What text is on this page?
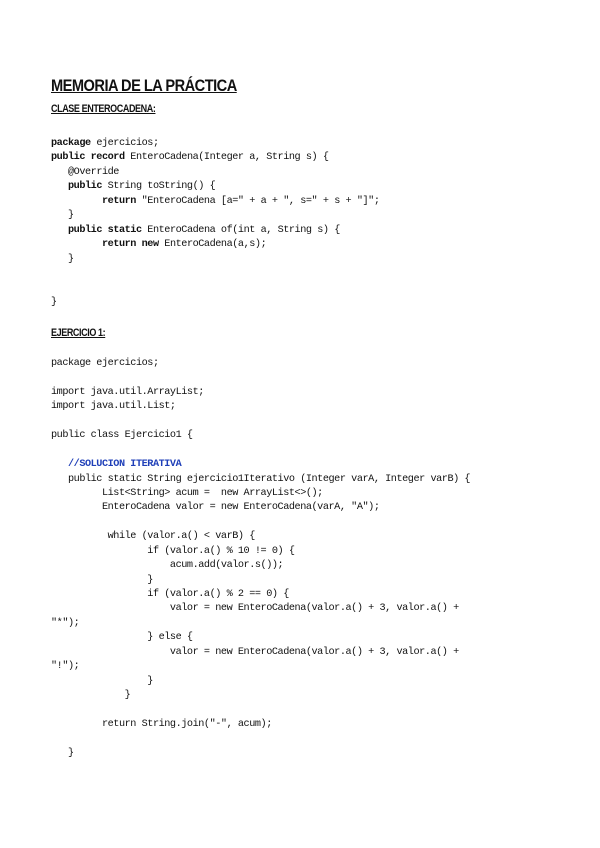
MEMORIA DE LA PRÁCTICA
CLASE ENTEROCADENA:
package ejercicios;
public record EnteroCadena(Integer a, String s) {
@Override
public String toString() {
return "EnteroCadena [a=" + a + ", s=" + s + "]";
}
public static EnteroCadena of(int a, String s) {
return new EnteroCadena(a,s);
}
}
EJERCICIO 1:
package ejercicios;
import java.util.ArrayList;
import java.util.List;
public class Ejercicio1 {
//SOLUCION ITERATIVA
public static String ejercicio1Iterativo (Integer varA, Integer varB) {
List<String> acum =  new ArrayList<>();
EnteroCadena valor = new EnteroCadena(varA, "A");
while (valor.a() < varB) {
if (valor.a() % 10 != 0) {
acum.add(valor.s());
}
if (valor.a() % 2 == 0) {
valor = new EnteroCadena(valor.a() + 3, valor.a() +
"*");
} else {
valor = new EnteroCadena(valor.a() + 3, valor.a() +
"!");
}
}
return String.join("-", acum);
}
